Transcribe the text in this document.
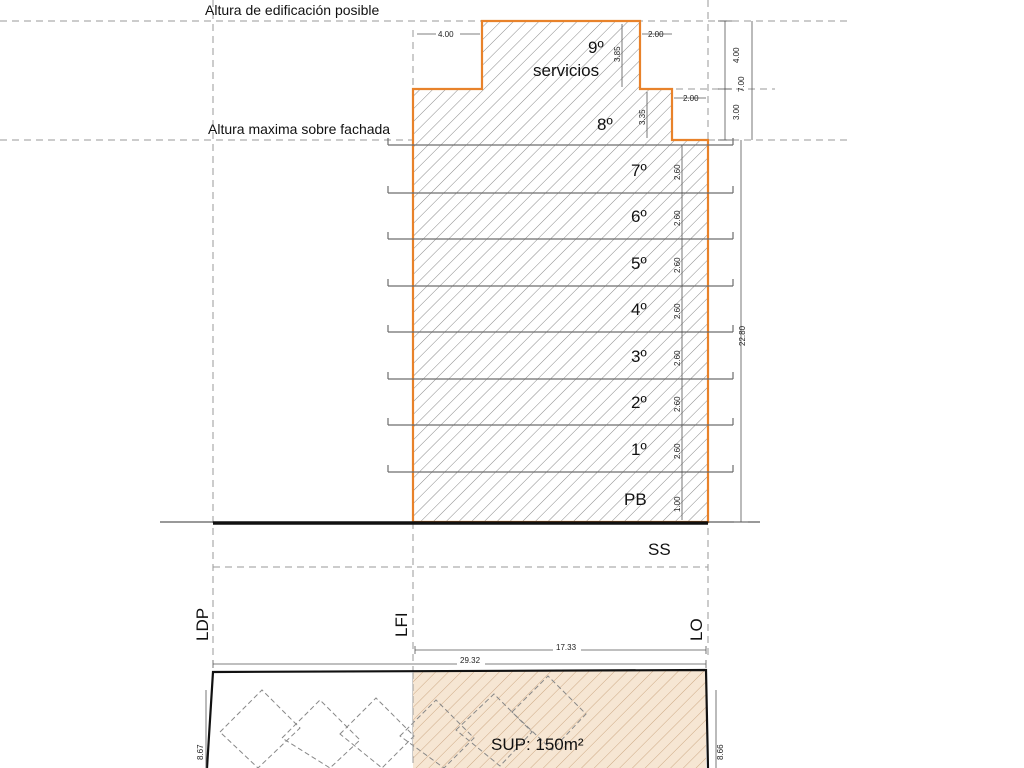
Altura de edificación posible
Altura maxima sobre fachada
9º
servicios
8º
7º
6º
5º
4º
3º
2º
1º
PB
3.85
3.35
2.60
2.60
2.60
2.60
2.60
2.60
2.60
1.00
4.00	2.00
2.00
4.00
3.00
7.00
22.80
SS
LDP	LFI	LO
17.33
29.32
8.67	8.66
SUP: 150m²
